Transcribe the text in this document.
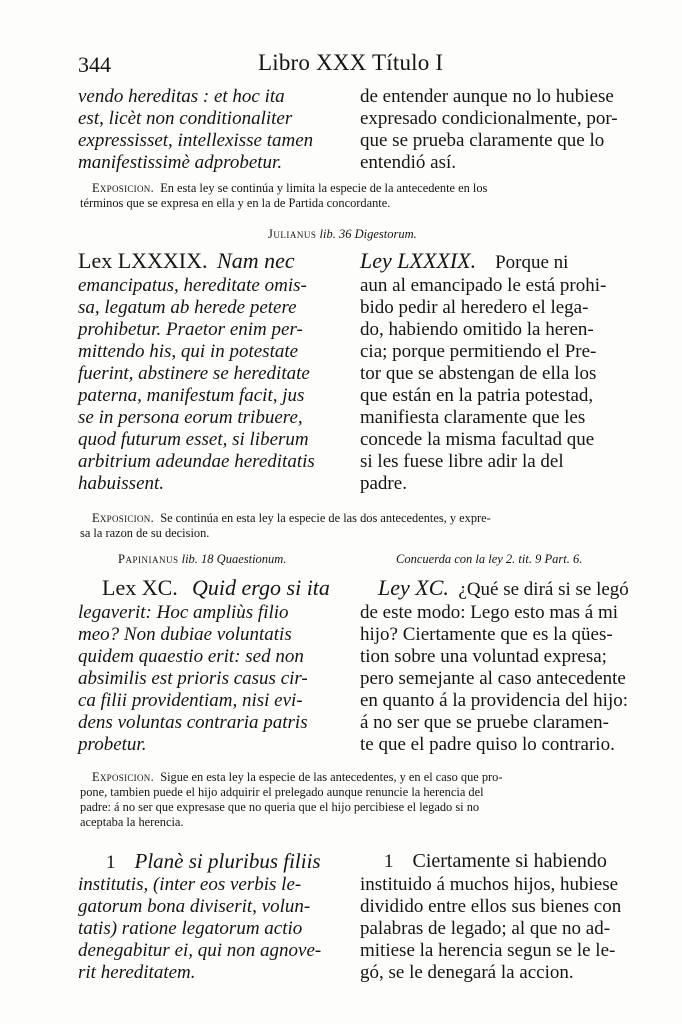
344	Libro XXX Título I
vendo hereditas : et hoc ita
est, licèt non conditionaliter
expressisset, intellexisse tamen
manifestissimè adprobetur.
de entender aunque no lo hubiese
expresado condicionalmente, por-
que se prueba claramente que lo
entendió así.
Exposicion. En esta ley se continúa y limita la especie de la antecedente en los
términos que se expresa en ella y en la de Partida concordante.
Julianus lib. 36 Digestorum.
Lex LXXXIX. Nam nec
emancipatus, hereditate omis-
sa, legatum ab herede petere
prohibetur. Praetor enim per-
mittendo his, qui in potestate
fuerint, abstinere se hereditate
paterna, manifestum facit, jus
se in persona eorum tribuere,
quod futurum esset, si liberum
arbitrium adeundae hereditatis
habuissent.
Ley LXXXIX. Porque ni
aun al emancipado le está prohi-
bido pedir al heredero el lega-
do, habiendo omitido la heren-
cia; porque permitiendo el Pre-
tor que se abstengan de ella los
que están en la patria potestad,
manifiesta claramente que les
concede la misma facultad que
si les fuese libre adir la del
padre.
Exposicion. Se continúa en esta ley la especie de las dos antecedentes, y expre-
sa la razon de su decision.
Papinianus lib. 18 Quaestionum.	Concuerda con la ley 2. tit. 9 Part. 6.
Lex XC. Quid ergo si ita
legaverit: Hoc ampliùs filio
meo? Non dubiae voluntatis
quidem quaestio erit: sed non
absimilis est prioris casus cir-
ca filii providentiam, nisi evi-
dens voluntas contraria patris
probetur.
Ley XC. ¿Qué se dirá si se legó
de este modo: Lego esto mas á mi
hijo? Ciertamente que es la qües-
tion sobre una voluntad expresa;
pero semejante al caso antecedente
en quanto á la providencia del hijo:
á no ser que se pruebe claramen-
te que el padre quiso lo contrario.
Exposicion. Sigue en esta ley la especie de las antecedentes, y en el caso que pro-
pone, tambien puede el hijo adquirir el prelegado aunque renuncie la herencia del
padre: á no ser que expresase que no queria que el hijo percibiese el legado si no
aceptaba la herencia.
1 Planè si pluribus filiis
institutis, (inter eos verbis le-
gatorum bona diviserit, volun-
tatis) ratione legatorum actio
denegabitur ei, qui non agnove-
rit hereditatem.
1 Ciertamente si habiendo
instituido á muchos hijos, hubiese
dividido entre ellos sus bienes con
palabras de legado; al que no ad-
mitiese la herencia segun se le le-
gó, se le denegará la accion.
